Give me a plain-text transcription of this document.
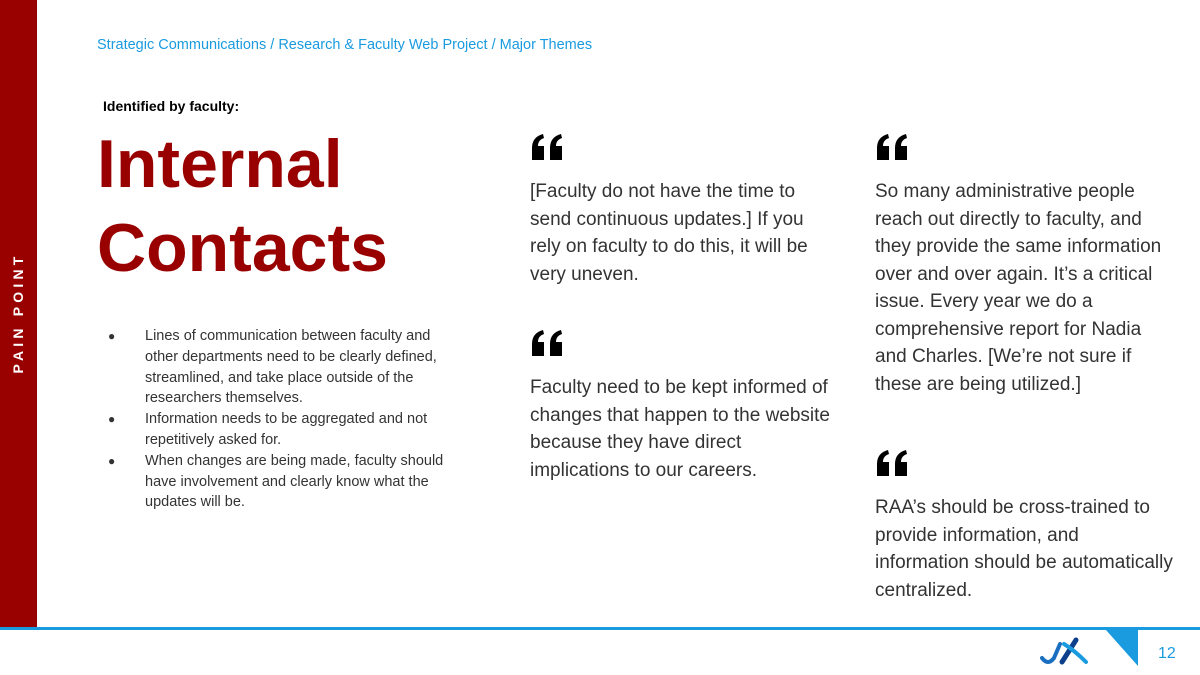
PAIN POINT
Strategic Communications / Research & Faculty Web Project / Major Themes
Identified by faculty:
Internal
Contacts
● Lines of communication between faculty and other departments need to be clearly defined, streamlined, and take place outside of the researchers themselves.
● Information needs to be aggregated and not repetitively asked for.
● When changes are being made, faculty should have involvement and clearly know what the updates will be.
[Faculty do not have the time to send continuous updates.] If you rely on faculty to do this, it will be very uneven.
Faculty need to be kept informed of changes that happen to the website because they have direct implications to our careers.
So many administrative people reach out directly to faculty, and they provide the same information over and over again. It’s a critical issue. Every year we do a comprehensive report for Nadia and Charles. [We’re not sure if these are being utilized.]
RAA’s should be cross-trained to provide information, and information should be automatically centralized.
12
